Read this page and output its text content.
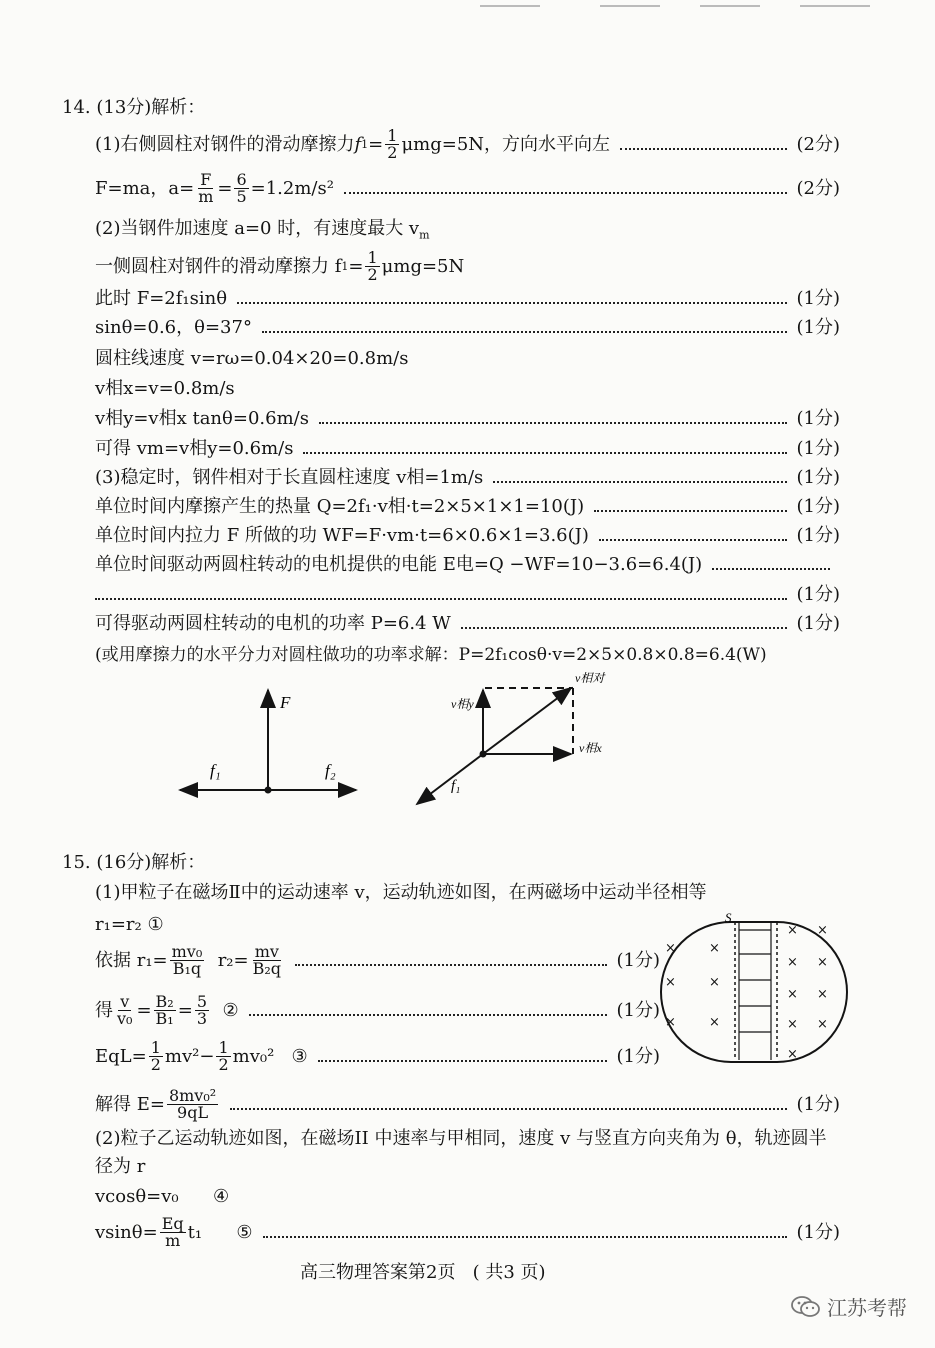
14. (13分)解析：
(1)右侧圆柱对钢件的滑动摩擦力 f $1 = \frac{1}{2} \mu mg=5N$，方向水平向左	(2分)
F=ma，$a= \frac{F}{m} = \frac{6}{5} =1.2m/s^2$	(2分)
(2)当钢件加速度 a=0 时，有速度最大 $v_m$
一侧圆柱对钢件的滑动摩擦力 f $1 = \frac{1}{2} \mu mg=5N$
此时 F=2f₁sinθ	(1分)
sinθ=0.6，θ=37°	(1分)
圆柱线速度 v=rω=0.04×20=0.8m/s
v相x=v=0.8m/s
v相y=v相x tanθ=0.6m/s	(1分)
可得 vm=v相y=0.6m/s	(1分)
(3)稳定时，钢件相对于长直圆柱速度 v相=1m/s	(1分)
单位时间内摩擦产生的热量 Q=2f₁·v相·t=2×5×1×1=10(J)	(1分)
单位时间内拉力 F 所做的功 WF=F·vm·t=6×0.6×1=3.6(J)	(1分)
单位时间驱动两圆柱转动的电机提供的电能 E电=Q −WF=10−3.6=6.4(J)
(1分)
可得驱动两圆柱转动的电机的功率 P=6.4 W	(1分)
(或用摩擦力的水平分力对圆柱做功的功率求解：P=2f₁cosθ·v=2×5×0.8×0.8=6.4(W)
F
f₁	f₂
v相对
v相y
v相x
f₁
15. (16分)解析：
(1)甲粒子在磁场Ⅱ中的运动速率 v，运动轨迹如图，在两磁场中运动半径相等
r₁=r₂ ①
依据 $r_1= \frac{\text{mv₀}}{\text{B₁q}} r_2= \frac{mv}{\text{B₂q}}$	(1分)
得 $\frac{v}{\text{v₀}} = \frac{\text{B₂}}{\text{B₁}} = \frac{5}{3}$ ②	(1分)
$EqL= \frac{1}{2} mv^2- \frac{1}{2} mv_0^2$   ③	(1分)
解得 $E= \frac{\text{8mv₀²}}{9qL}$	(1分)
(2)粒子乙运动轨迹如图，在磁场II 中速率与甲相同，速度 v 与竖直方向夹角为 θ，轨迹圆半
径为 r
vcosθ=v₀      ④
$vsin\theta= \frac{Eq}{m} t_1$      ⑤	(1分)
S
×	×
×	×
×	×
× ×
× ×
× ×
× ×
×
高三物理答案第2页   ( 共3 页)
江苏考帮
